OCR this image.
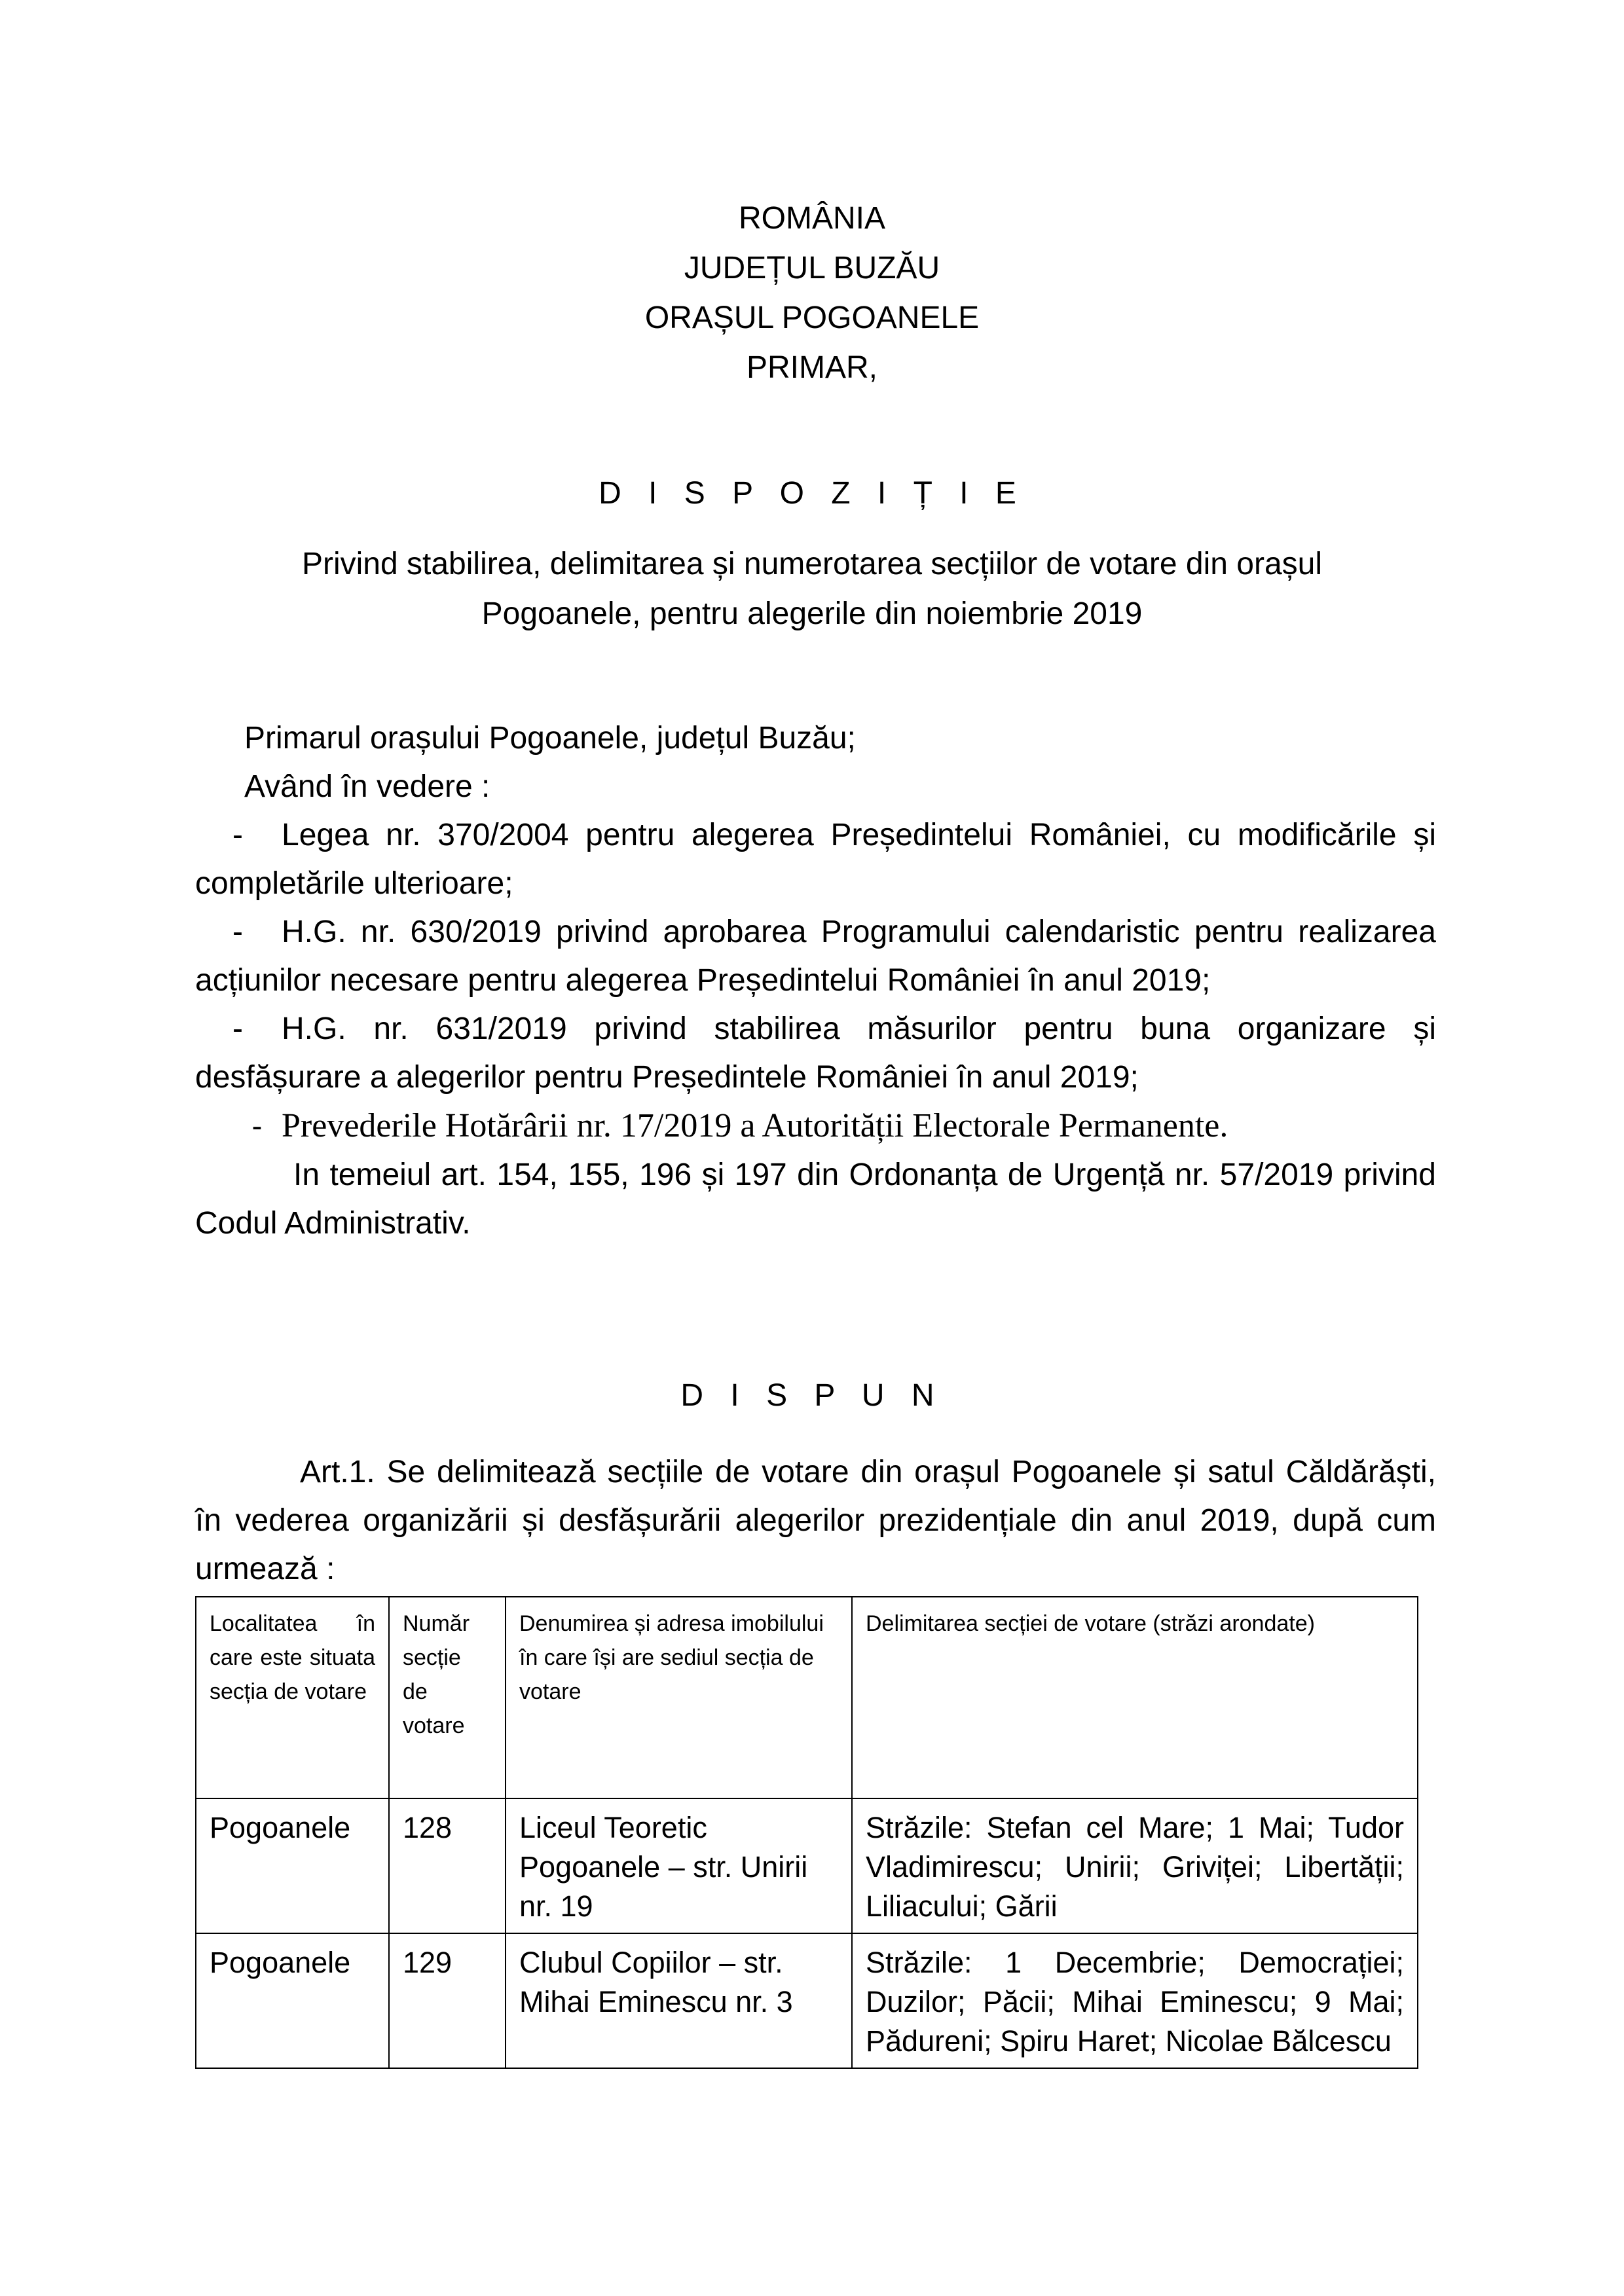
ROMÂNIA
JUDEȚUL BUZĂU
ORAȘUL POGOANELE
PRIMAR,
D I S P O Z I Ț I E
Privind stabilirea, delimitarea și numerotarea secțiilor de votare din orașul
Pogoanele, pentru alegerile din noiembrie 2019
Primarul orașului Pogoanele, județul Buzău;
Având în vedere :
- Legea nr. 370/2004 pentru alegerea Președintelui României, cu modificările și completările ulterioare;
- H.G. nr. 630/2019 privind aprobarea Programului calendaristic pentru realizarea acțiunilor necesare pentru alegerea Președintelui României în anul 2019;
- H.G. nr. 631/2019 privind stabilirea măsurilor pentru buna organizare și desfășurare a alegerilor pentru Președintele României în anul 2019;
- Prevederile Hotărârii nr. 17/2019 a Autorității Electorale Permanente.
In temeiul art. 154, 155, 196 și 197 din Ordonanța de Urgență nr. 57/2019 privind Codul Administrativ.
D I S P U N
Art.1. Se delimitează secțiile de votare din orașul Pogoanele și satul Căldărăști, în vederea organizării și desfășurării alegerilor prezidențiale din anul 2019, după cum urmează :
Localitatea în care este situata secția de votare	Număr secție de votare	Denumirea și adresa imobilului în care își are sediul secția de votare	Delimitarea secției de votare (străzi arondate)
Pogoanele	128	Liceul Teoretic Pogoanele – str. Unirii nr. 19	Străzile: Stefan cel Mare; 1 Mai; Tudor Vladimirescu; Unirii; Griviței; Libertății; Liliacului; Gării
Pogoanele	129	Clubul Copiilor – str. Mihai Eminescu nr. 3	Străzile: 1 Decembrie; Democrației; Duzilor; Păcii; Mihai Eminescu; 9 Mai; Pădureni; Spiru Haret; Nicolae Bălcescu
